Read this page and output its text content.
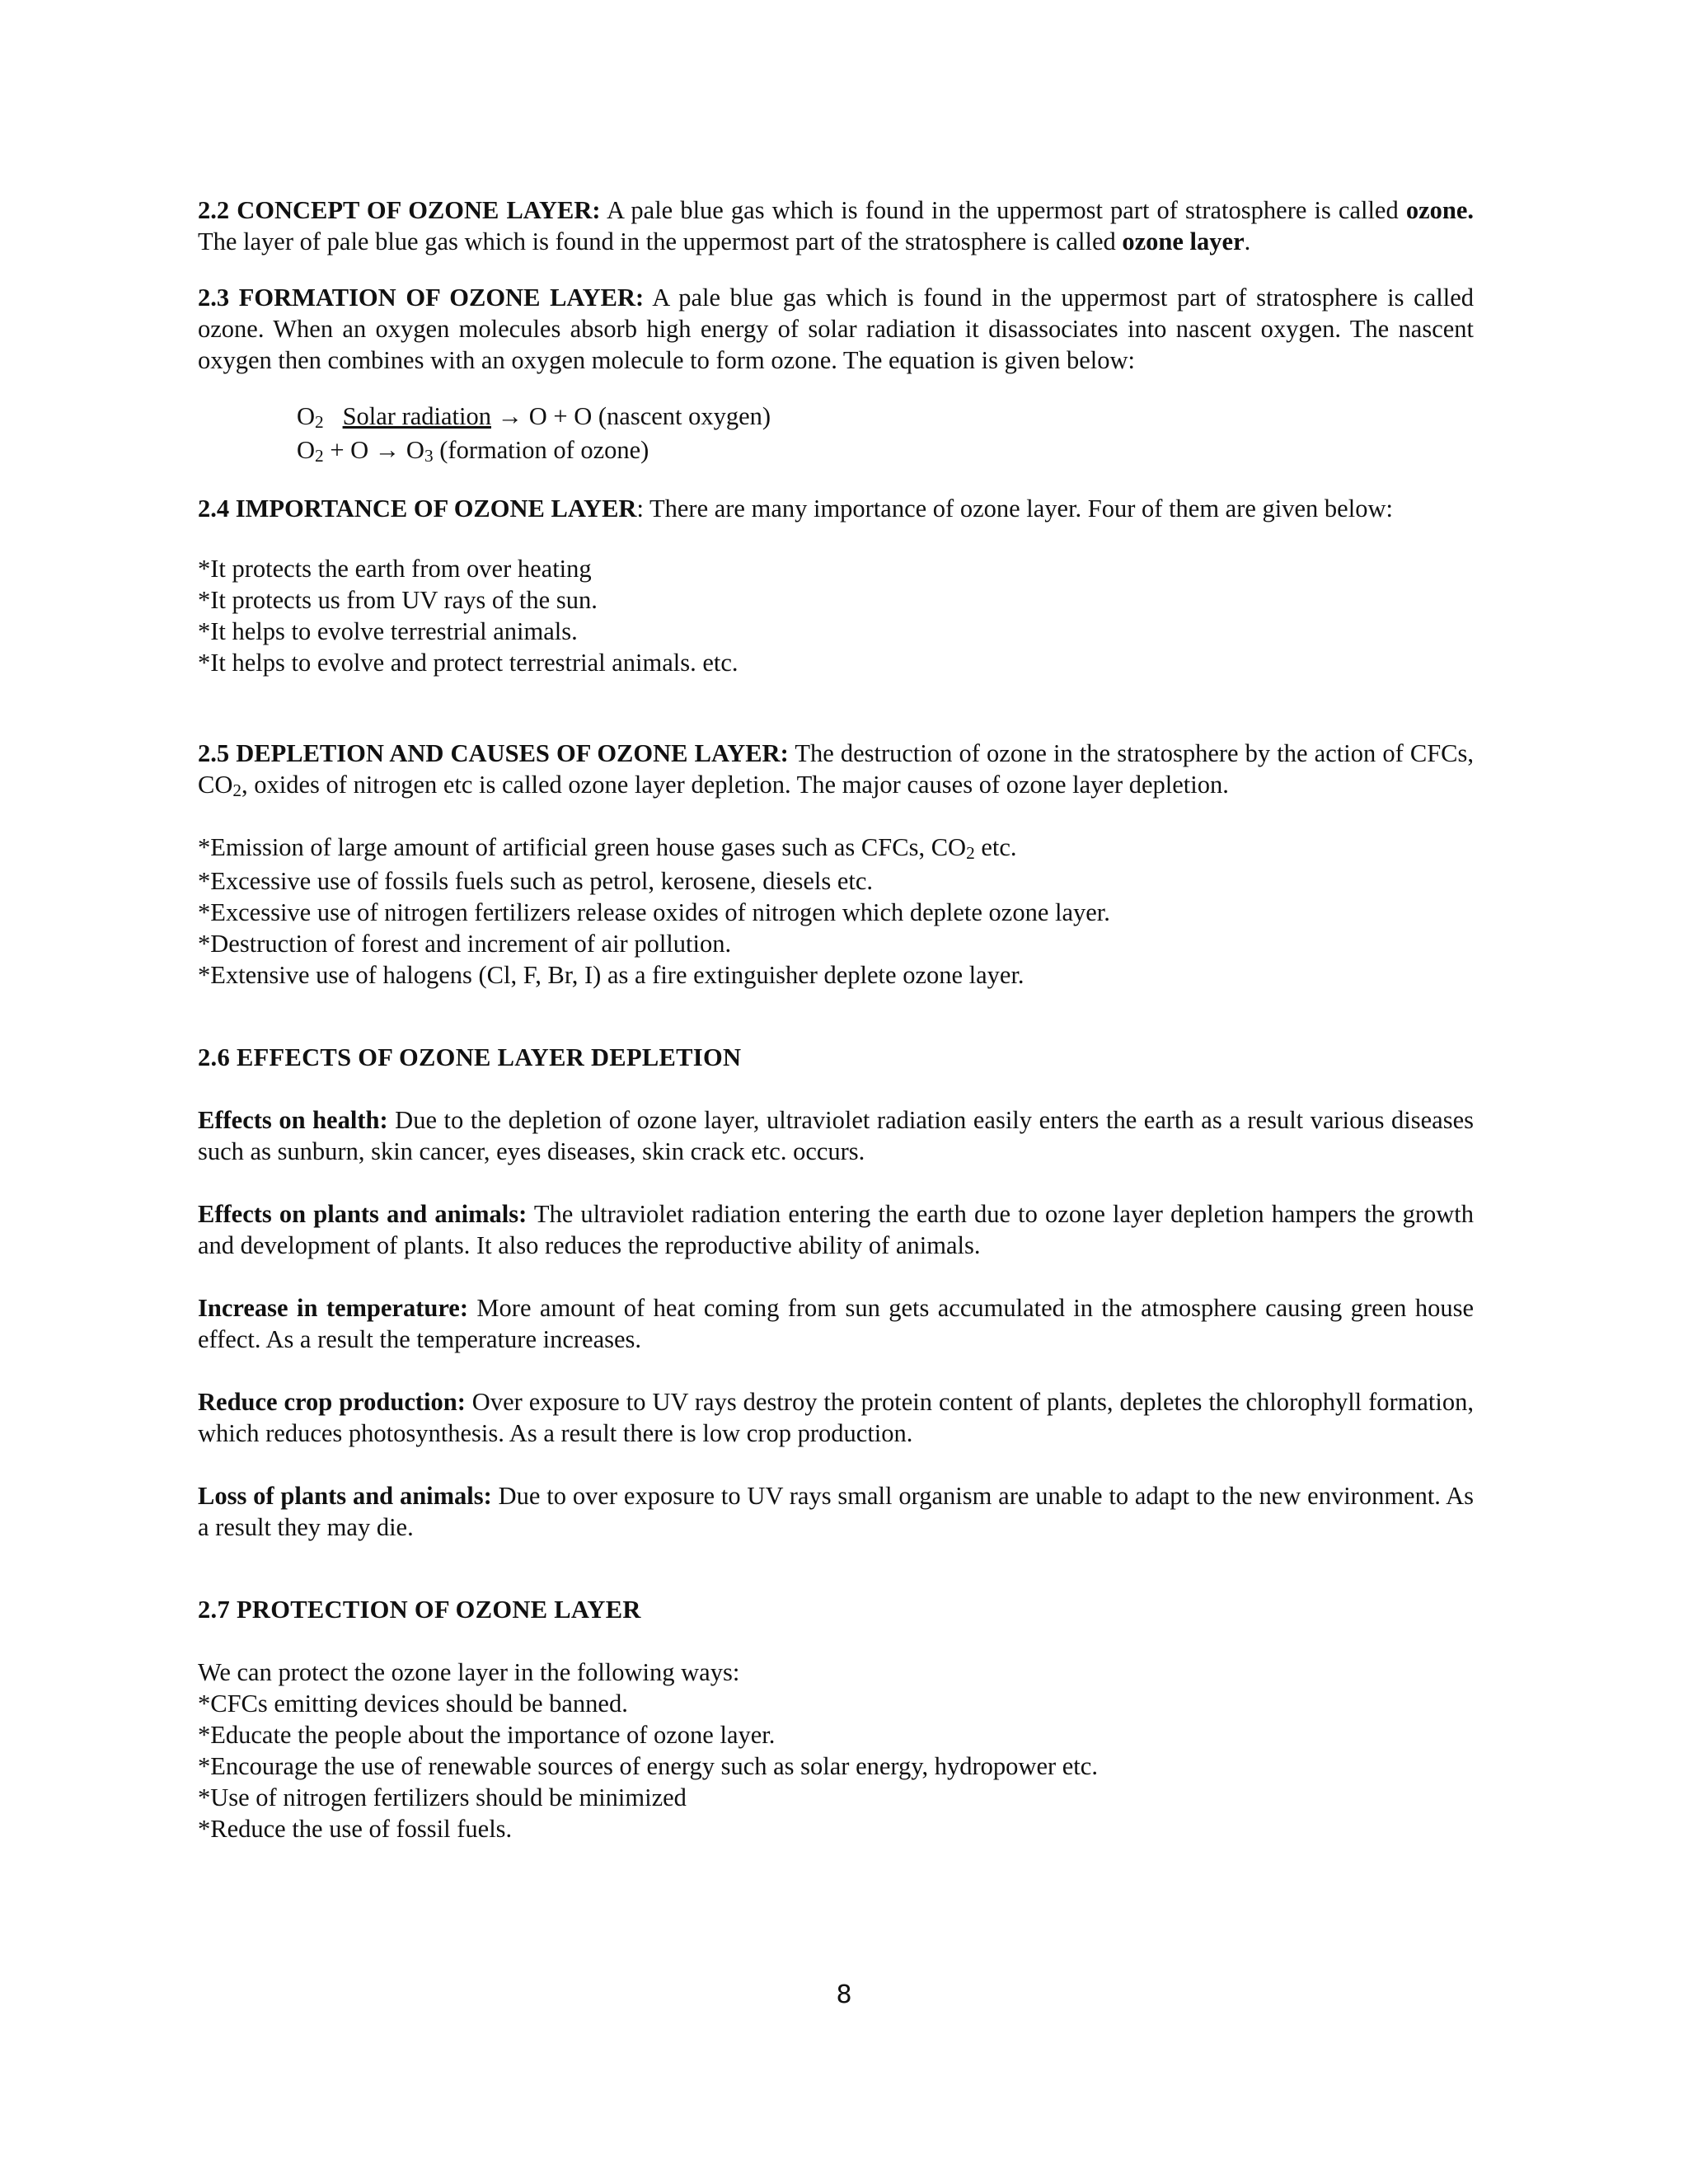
2.2 CONCEPT OF OZONE LAYER: A pale blue gas which is found in the uppermost part of stratosphere is called ozone. The layer of pale blue gas which is found in the uppermost part of the stratosphere is called ozone layer.

2.3 FORMATION OF OZONE LAYER: A pale blue gas which is found in the uppermost part of stratosphere is called ozone. When an oxygen molecules absorb high energy of solar radiation it disassociates into nascent oxygen. The nascent oxygen then combines with an oxygen molecule to form ozone. The equation is given below:

O2 Solar radiation → O + O (nascent oxygen)
O2 + O → O3 (formation of ozone)

2.4 IMPORTANCE OF OZONE LAYER: There are many importance of ozone layer. Four of them are given below:

*It protects the earth from over heating
*It protects us from UV rays of the sun.
*It helps to evolve terrestrial animals.
*It helps to evolve and protect terrestrial animals. etc.

2.5 DEPLETION AND CAUSES OF OZONE LAYER: The destruction of ozone in the stratosphere by the action of CFCs, CO2, oxides of nitrogen etc is called ozone layer depletion. The major causes of ozone layer depletion.

*Emission of large amount of artificial green house gases such as CFCs, CO2 etc.
*Excessive use of fossils fuels such as petrol, kerosene, diesels etc.
*Excessive use of nitrogen fertilizers release oxides of nitrogen which deplete ozone layer.
*Destruction of forest and increment of air pollution.
*Extensive use of halogens (Cl, F, Br, I) as a fire extinguisher deplete ozone layer.

2.6 EFFECTS OF OZONE LAYER DEPLETION

Effects on health: Due to the depletion of ozone layer, ultraviolet radiation easily enters the earth as a result various diseases such as sunburn, skin cancer, eyes diseases, skin crack etc. occurs.

Effects on plants and animals: The ultraviolet radiation entering the earth due to ozone layer depletion hampers the growth and development of plants. It also reduces the reproductive ability of animals.

Increase in temperature: More amount of heat coming from sun gets accumulated in the atmosphere causing green house effect. As a result the temperature increases.

Reduce crop production: Over exposure to UV rays destroy the protein content of plants, depletes the chlorophyll formation, which reduces photosynthesis. As a result there is low crop production.

Loss of plants and animals: Due to over exposure to UV rays small organism are unable to adapt to the new environment. As a result they may die.

2.7 PROTECTION OF OZONE LAYER

We can protect the ozone layer in the following ways:
*CFCs emitting devices should be banned.
*Educate the people about the importance of ozone layer.
*Encourage the use of renewable sources of energy such as solar energy, hydropower etc.
*Use of nitrogen fertilizers should be minimized
*Reduce the use of fossil fuels.
8
